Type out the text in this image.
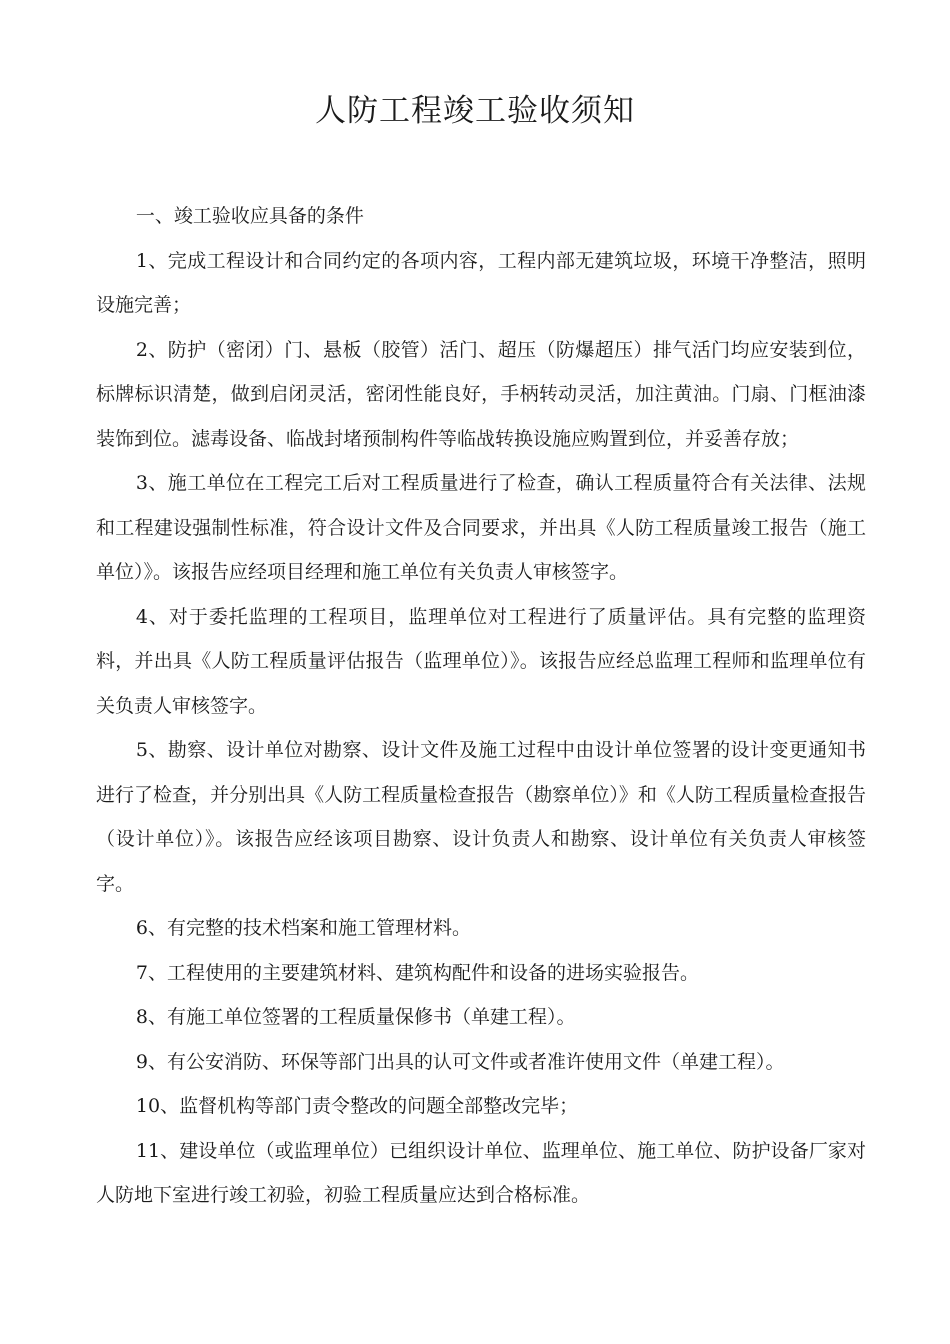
人防工程竣工验收须知

一、竣工验收应具备的条件

1、完成工程设计和合同约定的各项内容，工程内部无建筑垃圾，环境干净整洁，照明设施完善；

2、防护（密闭）门、悬板（胶管）活门、超压（防爆超压）排气活门均应安装到位，标牌标识清楚，做到启闭灵活，密闭性能良好，手柄转动灵活，加注黄油。门扇、门框油漆装饰到位。滤毒设备、临战封堵预制构件等临战转换设施应购置到位，并妥善存放；

3、施工单位在工程完工后对工程质量进行了检查，确认工程质量符合有关法律、法规和工程建设强制性标准，符合设计文件及合同要求，并出具《人防工程质量竣工报告（施工单位）》。该报告应经项目经理和施工单位有关负责人审核签字。

4、对于委托监理的工程项目，监理单位对工程进行了质量评估。具有完整的监理资料，并出具《人防工程质量评估报告（监理单位）》。该报告应经总监理工程师和监理单位有关负责人审核签字。

5、勘察、设计单位对勘察、设计文件及施工过程中由设计单位签署的设计变更通知书进行了检查，并分别出具《人防工程质量检查报告（勘察单位）》和《人防工程质量检查报告（设计单位）》。该报告应经该项目勘察、设计负责人和勘察、设计单位有关负责人审核签字。

6、有完整的技术档案和施工管理材料。

7、工程使用的主要建筑材料、建筑构配件和设备的进场实验报告。

8、有施工单位签署的工程质量保修书（单建工程）。

9、有公安消防、环保等部门出具的认可文件或者准许使用文件（单建工程）。

10、监督机构等部门责令整改的问题全部整改完毕；

11、建设单位（或监理单位）已组织设计单位、监理单位、施工单位、防护设备厂家对人防地下室进行竣工初验，初验工程质量应达到合格标准。
